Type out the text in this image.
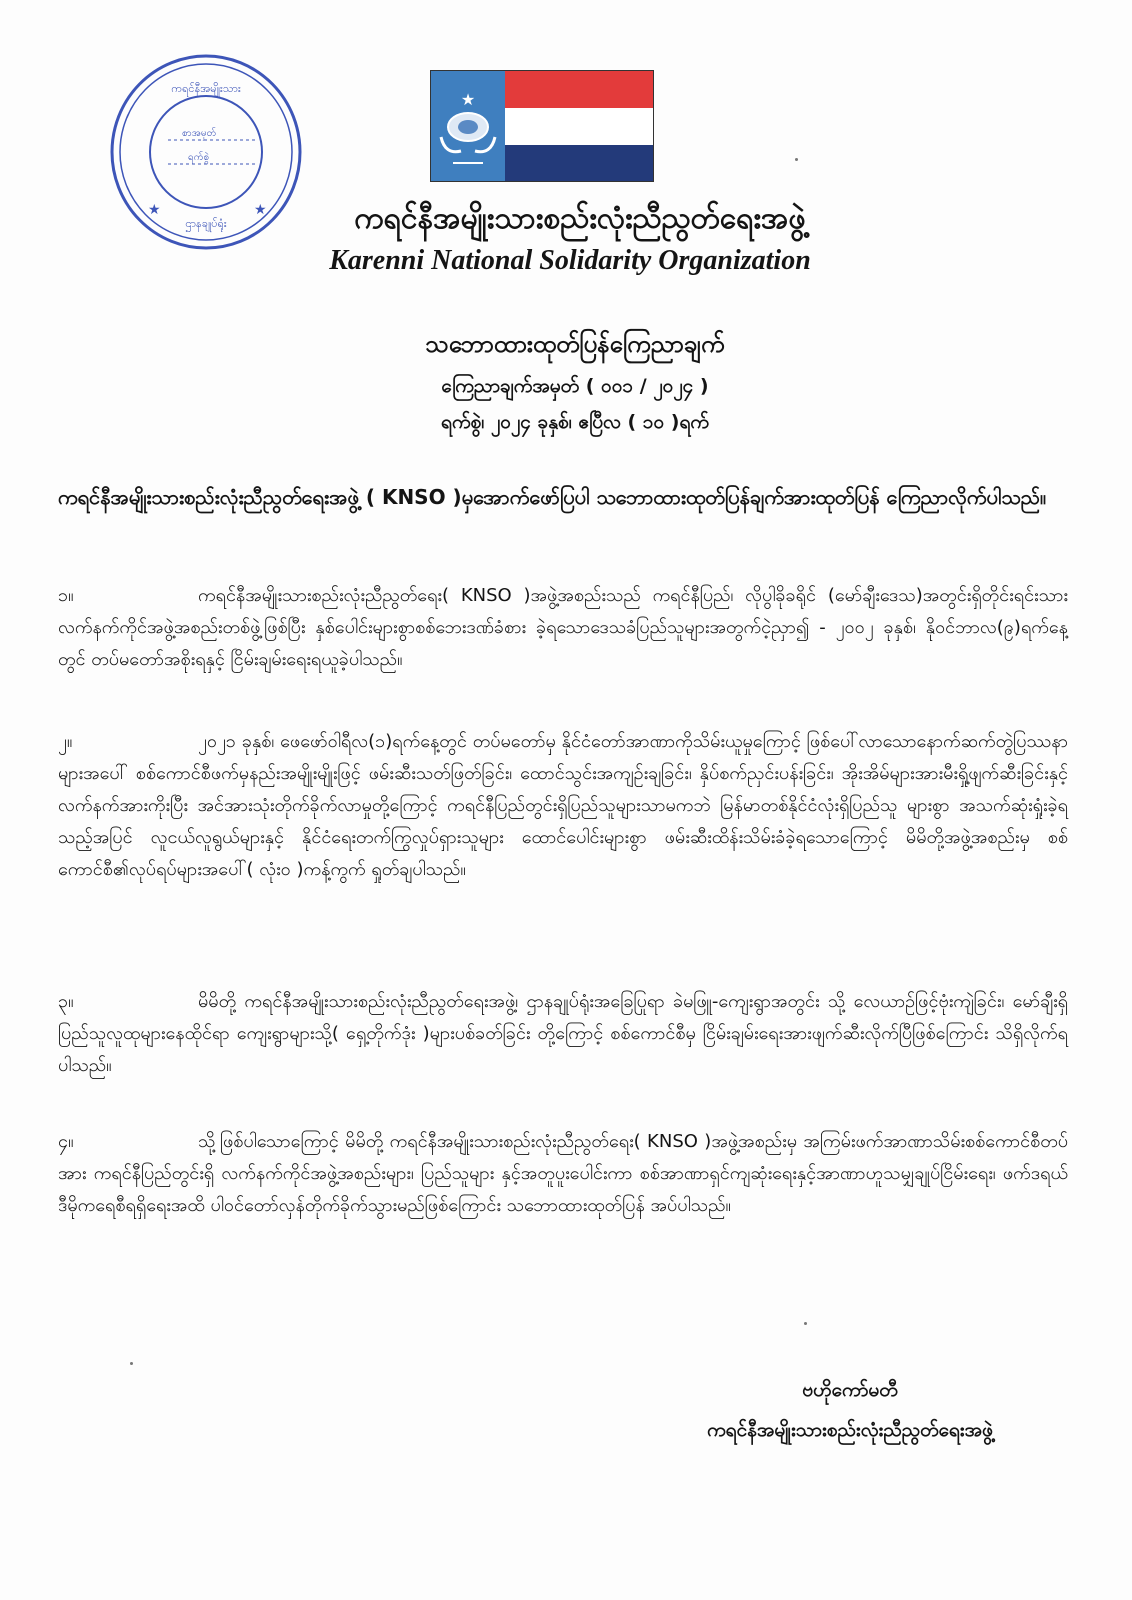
ကရင်နီအမျိုးသား
ဌာနချုပ်ရုံး
စာအမှတ်
ရက်စွဲ
★	★
★
ကရင်နီအမျိုးသားစည်းလုံးညီညွတ်ရေးအဖွဲ့
Karenni National Solidarity Organization

သဘောထားထုတ်ပြန်ကြေညာချက်

ကြေညာချက်အမှတ် ( ၀၀၁ / ၂၀၂၄ )

ရက်စွဲ၊ ၂၀၂၄ ခုနှစ်၊ ဧပြီလ ( ၁၀ )ရက်

ကရင်နီအမျိုးသားစည်းလုံးညီညွတ်ရေးအဖွဲ့ ( KNSO )မှအောက်ဖော်ပြပါ သဘောထားထုတ်ပြန်ချက်အားထုတ်ပြန် ကြေညာလိုက်ပါသည်။

၁။	ကရင်နီအမျိုးသားစည်းလုံးညီညွတ်ရေး( KNSO )အဖွဲ့အစည်းသည် ကရင်နီပြည်၊ လိုပွါခိုခရိုင် (မော်ချီးဒေသ)အတွင်းရှိတိုင်းရင်းသားလက်နက်ကိုင်အဖွဲ့အစည်းတစ်ဖွဲ့ဖြစ်ပြီး နှစ်ပေါင်းများစွာစစ်ဘေးဒဏ်ခံစား ခဲ့ရသောဒေသခံပြည်သူများအတွက်ငဲ့ညှာ၍ - ၂၀၀၂ ခုနှစ်၊ နိုဝင်ဘာလ(၉)ရက်နေ့တွင် တပ်မတော်အစိုးရနှင့် ငြိမ်းချမ်းရေးရယူခဲ့ပါသည်။

၂။	၂၀၂၁ ခုနှစ်၊ ဖေဖော်ဝါရီလ(၁)ရက်နေ့တွင် တပ်မတော်မှ နိုင်ငံတော်အာဏာကိုသိမ်းယူမှုကြောင့် ဖြစ်ပေါ်လာသောနောက်ဆက်တွဲပြဿနာများအပေါ် စစ်ကောင်စီဖက်မှနည်းအမျိုးမျိုးဖြင့် ဖမ်းဆီးသတ်ဖြတ်ခြင်း၊ ထောင်သွင်းအကျဉ်းချခြင်း၊ နှိပ်စက်ညှင်းပန်းခြင်း၊ အိုးအိမ်များအားမီးရှို့ဖျက်ဆီးခြင်းနှင့် လက်နက်အားကိုးပြီး အင်အားသုံးတိုက်ခိုက်လာမှုတို့ကြောင့် ကရင်နီပြည်တွင်းရှိပြည်သူများသာမကဘဲ မြန်မာတစ်နိုင်ငံလုံးရှိပြည်သူ များစွာ အသက်ဆုံးရှုံးခဲ့ရသည့်အပြင် လူငယ်လူရွယ်များနှင့် နိုင်ငံရေးတက်ကြွလှုပ်ရှားသူများ ထောင်ပေါင်းများစွာ ဖမ်းဆီးထိန်းသိမ်းခံခဲ့ရသောကြောင့် မိမိတို့အဖွဲ့အစည်းမှ စစ်ကောင်စီ၏လုပ်ရပ်များအပေါ်( လုံး၀ )ကန့်ကွက် ရှုတ်ချပါသည်။

၃။	မိမိတို့ ကရင်နီအမျိုးသားစည်းလုံးညီညွတ်ရေးအဖွဲ့၊ ဌာနချုပ်ရုံးအခြေပြုရာ ခဲမဖြူ-ကျေးရွာအတွင်း သို့ လေယာဉ်ဖြင့်ဗုံးကျဲခြင်း၊ မော်ချီးရှိပြည်သူလူထုများနေထိုင်ရာ ကျေးရွာများသို့( ရှေ့တိုက်ဒုံး )များပစ်ခတ်ခြင်း တို့ကြောင့် စစ်ကောင်စီမှ ငြိမ်းချမ်းရေးအားဖျက်ဆီးလိုက်ပြီဖြစ်ကြောင်း သိရှိလိုက်ရပါသည်။

၄။	သို့ဖြစ်ပါသောကြောင့် မိမိတို့ ကရင်နီအမျိုးသားစည်းလုံးညီညွတ်ရေး( KNSO )အဖွဲ့အစည်းမှ အကြမ်းဖက်အာဏာသိမ်းစစ်ကောင်စီတပ်အား ကရင်နီပြည်တွင်းရှိ လက်နက်ကိုင်အဖွဲ့အစည်းများ၊ ပြည်သူများ နှင့်အတူပူးပေါင်းကာ စစ်အာဏာရှင်ကျဆုံးရေးနှင့်အာဏာဟူသမျှချုပ်ငြိမ်းရေး၊ ဖက်ဒရယ်ဒီမိုကရေစီရရှိရေးအထိ ပါဝင်တော်လှန်တိုက်ခိုက်သွားမည်ဖြစ်ကြောင်း သဘောထားထုတ်ပြန် အပ်ပါသည်။

ဗဟိုကော်မတီ

ကရင်နီအမျိုးသားစည်းလုံးညီညွတ်ရေးအဖွဲ့
